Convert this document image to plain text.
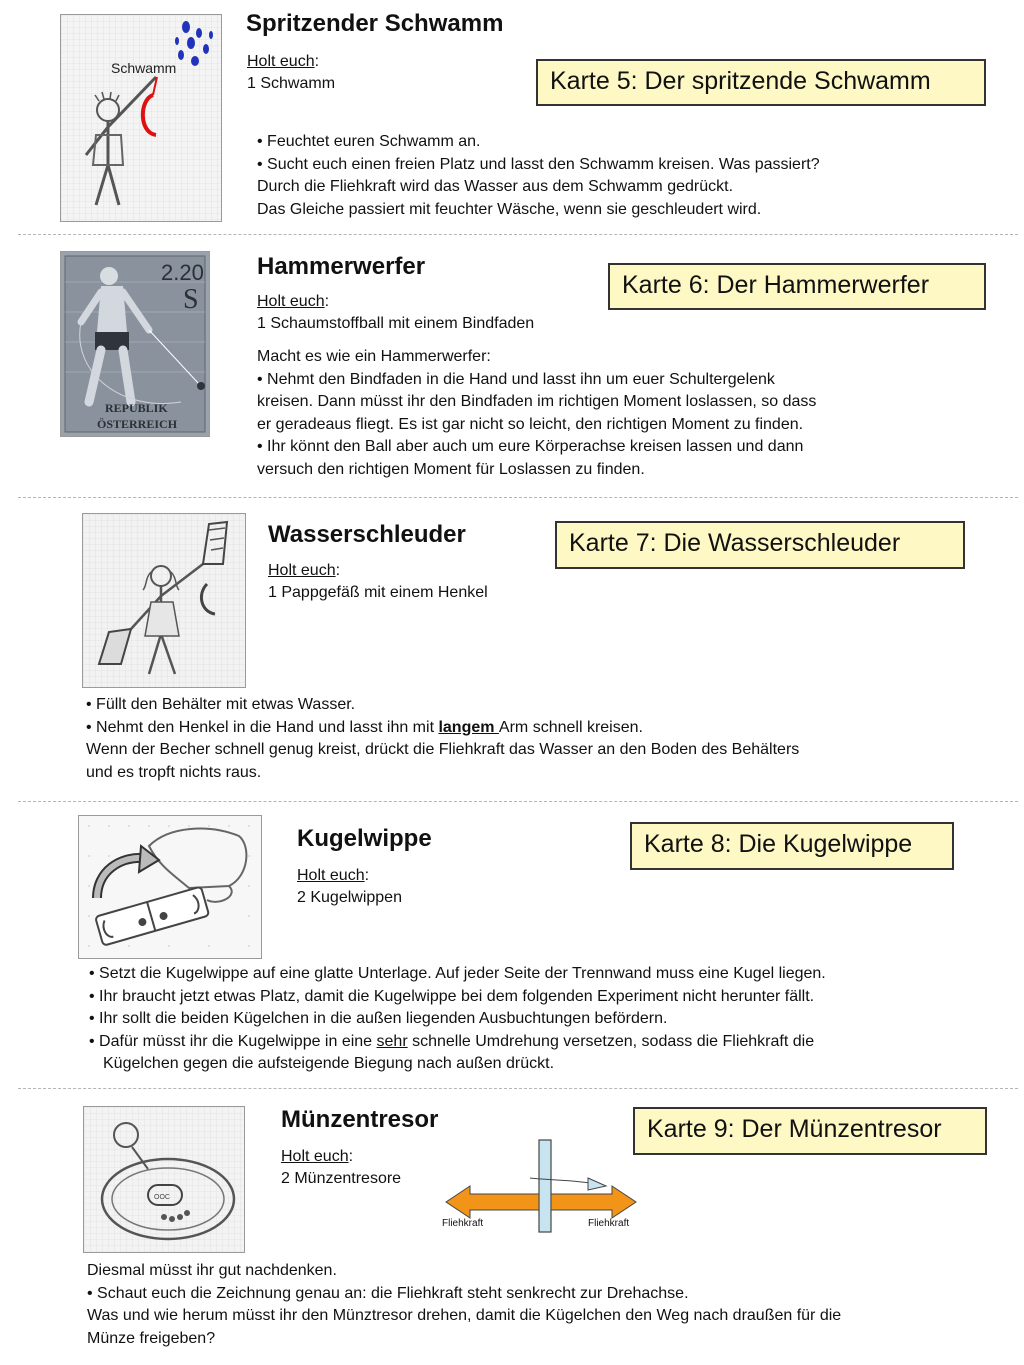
Schwamm
Spritzender Schwamm
Holt euch:
1 Schwamm	Karte 5: Der spritzende Schwamm
• Feuchtet euren Schwamm an.
• Sucht euch einen freien Platz und lasst den Schwamm kreisen. Was passiert?
Durch die Fliehkraft wird das Wasser aus dem Schwamm gedrückt.
Das Gleiche passiert mit feuchter Wäsche, wenn sie geschleudert wird.
2.20
S
REPUBLIK
ÖSTERREICH
Hammerwerfer
Holt euch:
1 Schaumstoffball mit einem Bindfaden
Karte 6: Der Hammerwerfer
Macht es wie ein Hammerwerfer:
• Nehmt den Bindfaden in die Hand und lasst ihn um euer Schultergelenk
kreisen. Dann müsst ihr den Bindfaden im richtigen Moment loslassen, so dass
er geradeaus fliegt. Es ist gar nicht so leicht, den richtigen Moment zu finden.
• Ihr könnt den Ball aber auch um eure Körperachse kreisen lassen und dann
versuch den richtigen Moment für Loslassen zu finden.
Wasserschleuder
Holt euch:
1 Pappgefäß mit einem Henkel
Karte 7: Die Wasserschleuder
• Füllt den Behälter mit etwas Wasser.
• Nehmt den Henkel in die Hand und lasst ihn mit langem Arm schnell kreisen.
Wenn der Becher schnell genug kreist, drückt die Fliehkraft das Wasser an den Boden des Behälters
und es tropft nichts raus.
Kugelwippe
Holt euch:
2 Kugelwippen
Karte 8: Die Kugelwippe
• Setzt die Kugelwippe auf eine glatte Unterlage. Auf jeder Seite der Trennwand muss eine Kugel liegen.
• Ihr braucht jetzt etwas Platz, damit die Kugelwippe bei dem folgenden Experiment nicht herunter fällt.
• Ihr sollt die beiden Kügelchen in die außen liegenden Ausbuchtungen befördern.
• Dafür müsst ihr die Kugelwippe in eine sehr schnelle Umdrehung versetzen, sodass die Fliehkraft die
Kügelchen gegen die aufsteigende Biegung nach außen drückt.
OOC
Münzentresor
Holt euch:
2 Münzentresore
Karte 9: Der Münzentresor
Fliehkraft	Fliehkraft
Diesmal müsst ihr gut nachdenken.
• Schaut euch die Zeichnung genau an: die Fliehkraft steht senkrecht zur Drehachse.
Was und wie herum müsst ihr den Münztresor drehen, damit die Kügelchen den Weg nach draußen für die
Münze freigeben?
